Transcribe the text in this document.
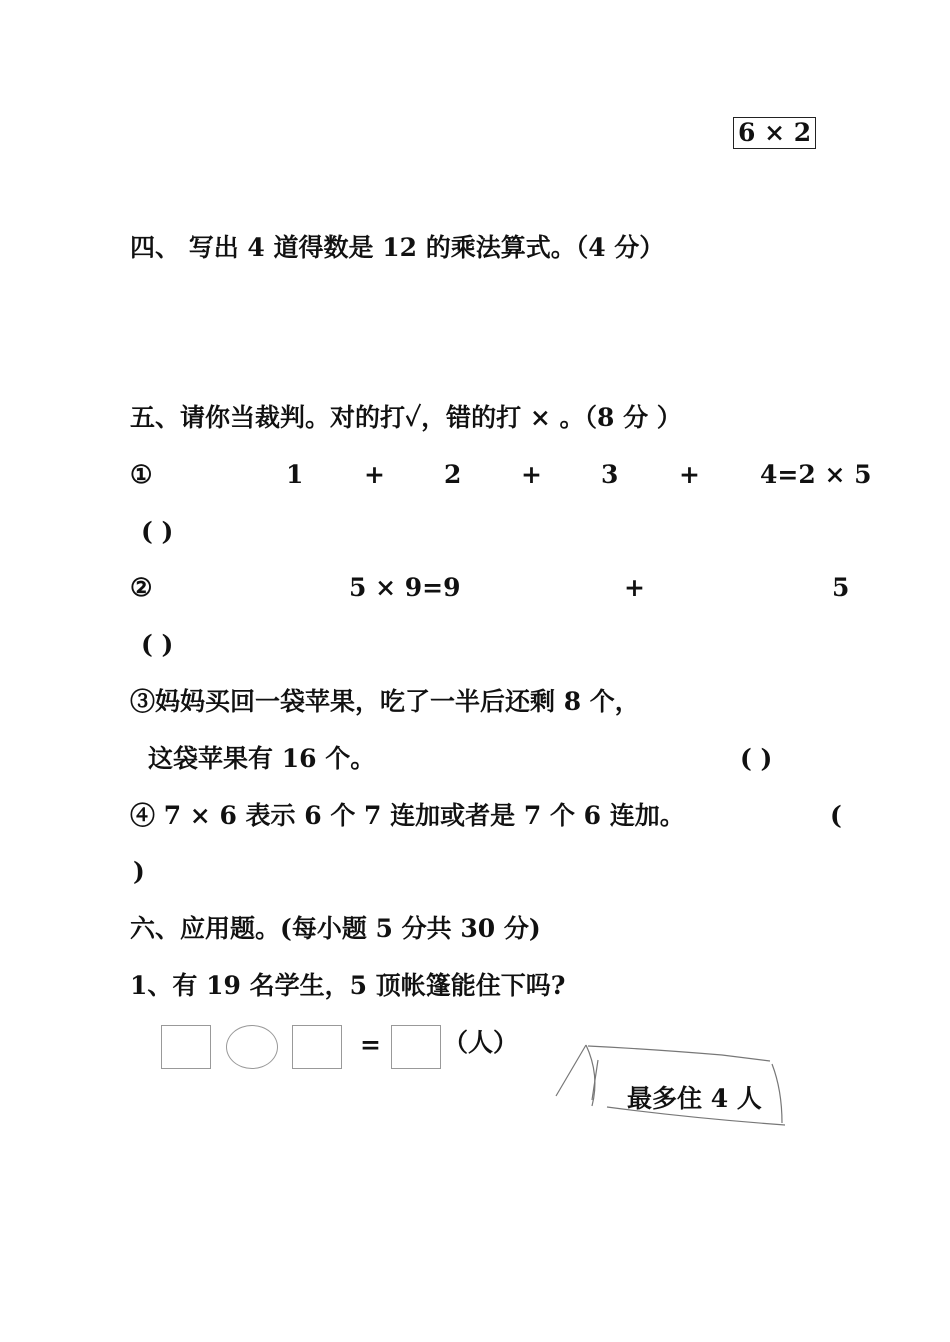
6 × 2
四、 写出 4 道得数是 12 的乘法算式。（4 分）
五、请你当裁判。对的打✓，错的打 × 。（8 分 ）
①	1 + 2 + 3 + 4=2 × 5
( )
②	5 × 9=9	+	5
( )
③妈妈买回一袋苹果，吃了一半后还剩 8 个，
这袋苹果有 16 个。	( )
④ 7 × 6 表示 6 个 7 连加或者是 7 个 6 连加。	(
)
六、应用题。(每小题 5 分共 30 分)
1、有 19 名学生，5 顶帐篷能住下吗?
= （人）
最多住 4 人
